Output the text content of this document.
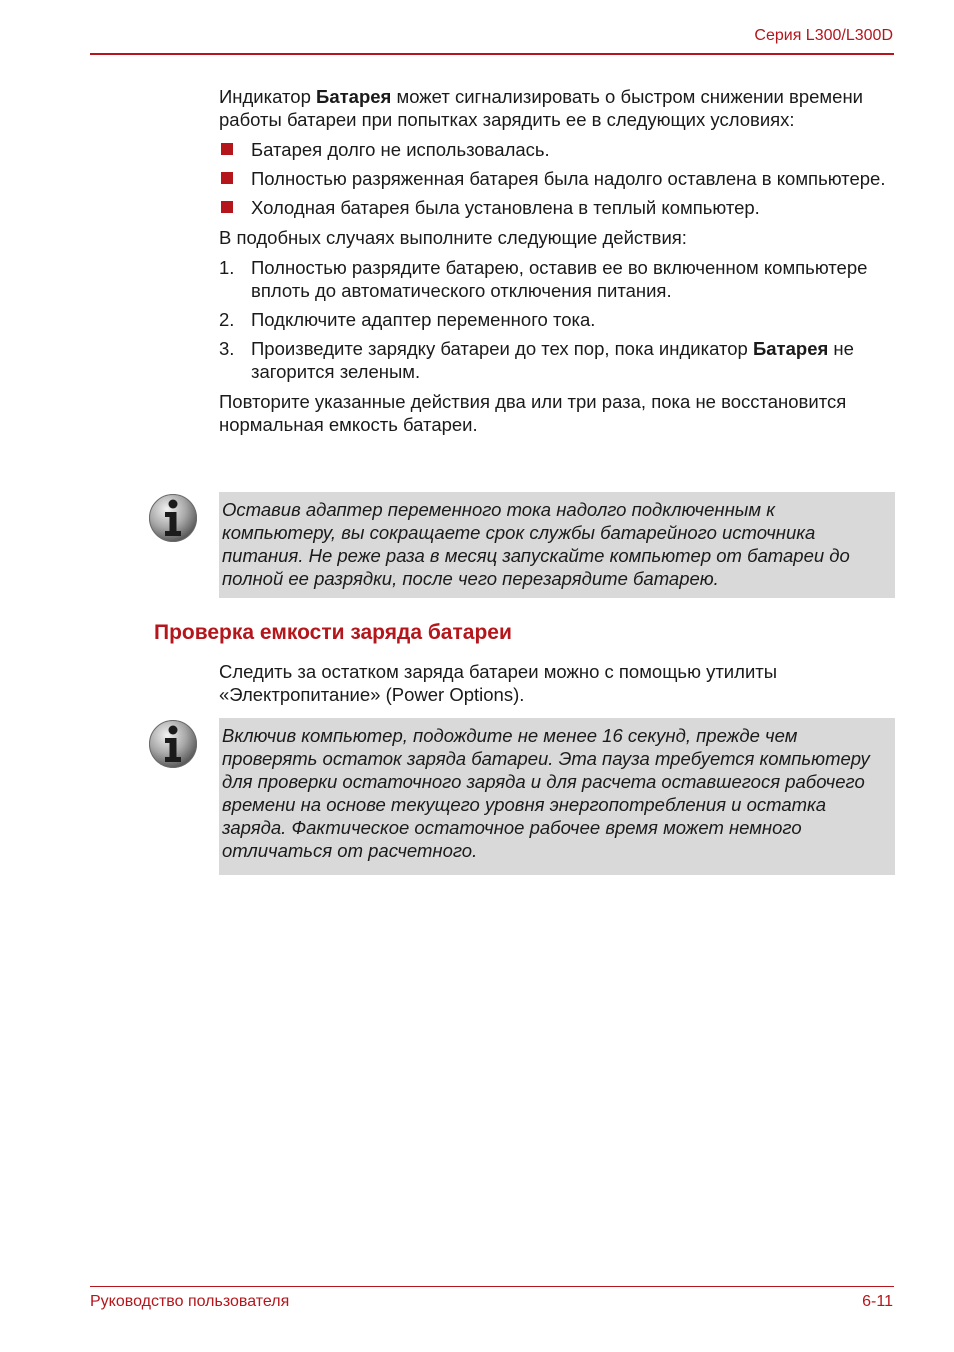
Серия L300/L300D

Индикатор Батарея может сигнализировать о быстром снижении времени работы батареи при попытках зарядить ее в следующих условиях:

Батарея долго не использовалась.
Полностью разряженная батарея была надолго оставлена в компьютере.
Холодная батарея была установлена в теплый компьютер.

В подобных случаях выполните следующие действия:

1. Полностью разрядите батарею, оставив ее во включенном компьютере вплоть до автоматического отключения питания.
2. Подключите адаптер переменного тока.
3. Произведите зарядку батареи до тех пор, пока индикатор Батарея не загорится зеленым.

Повторите указанные действия два или три раза, пока не восстановится нормальная емкость батареи.

Оставив адаптер переменного тока надолго подключенным к компьютеру, вы сокращаете срок службы батарейного источника питания. Не реже раза в месяц запускайте компьютер от батареи до полной ее разрядки, после чего перезарядите батарею.

Проверка емкости заряда батареи

Следить за остатком заряда батареи можно с помощью утилиты «Электропитание» (Power Options).

Включив компьютер, подождите не менее 16 секунд, прежде чем проверять остаток заряда батареи. Эта пауза требуется компьютеру для проверки остаточного заряда и для расчета оставшегося рабочего времени на основе текущего уровня энергопотребления и остатка заряда. Фактическое остаточное рабочее время может немного отличаться от расчетного.

Руководство пользователя	6-11
